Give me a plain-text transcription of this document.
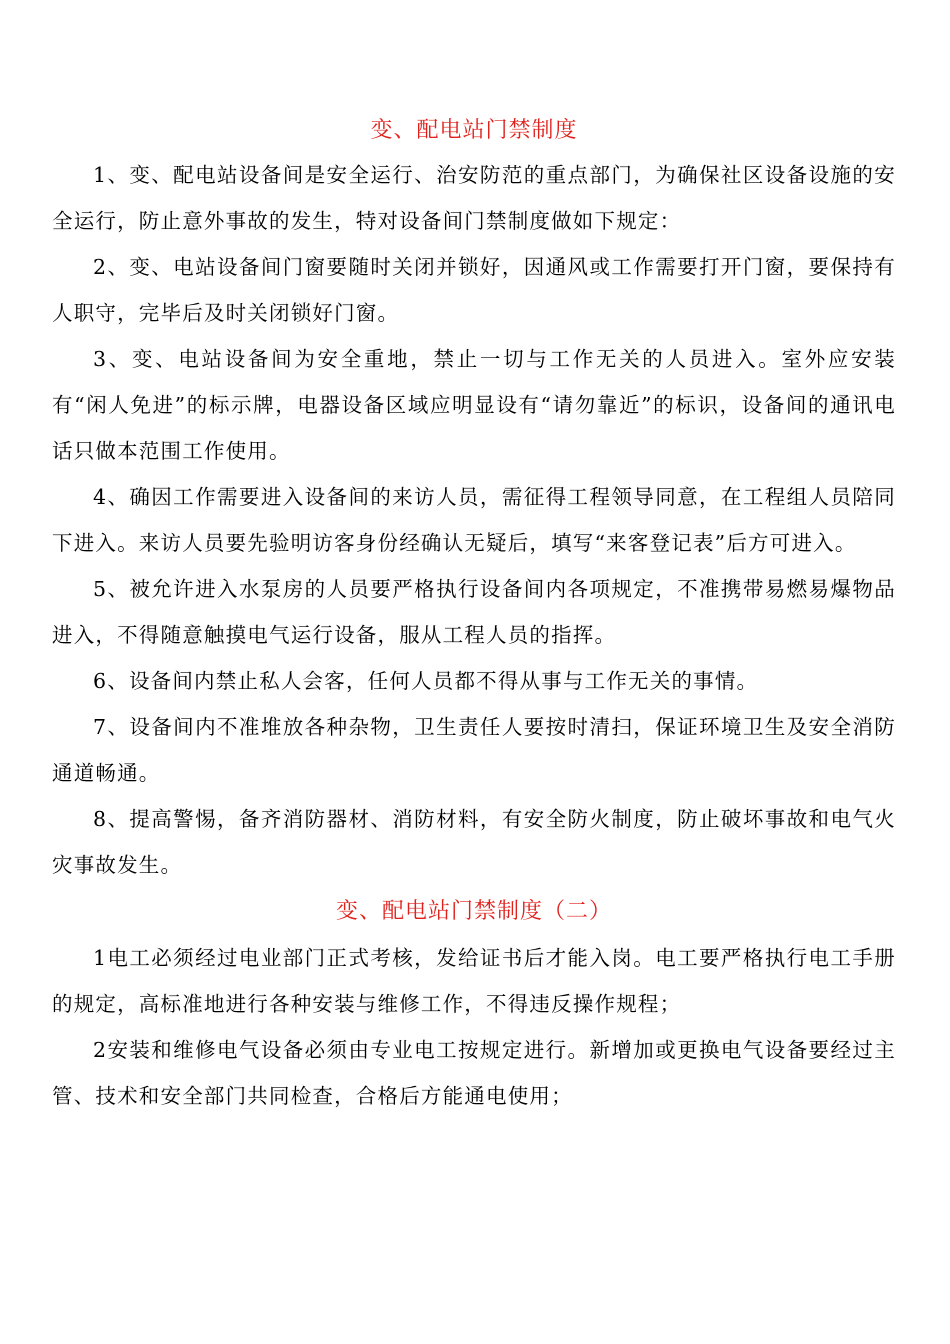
变、配电站门禁制度

1、变、配电站设备间是安全运行、治安防范的重点部门，为确保社区设备设施的安全运行，防止意外事故的发生，特对设备间门禁制度做如下规定：

2、变、电站设备间门窗要随时关闭并锁好，因通风或工作需要打开门窗，要保持有人职守，完毕后及时关闭锁好门窗。

3、变、电站设备间为安全重地，禁止一切与工作无关的人员进入。室外应安装有“闲人免进”的标示牌，电器设备区域应明显设有“请勿靠近”的标识，设备间的通讯电话只做本范围工作使用。

4、确因工作需要进入设备间的来访人员，需征得工程领导同意，在工程组人员陪同下进入。来访人员要先验明访客身份经确认无疑后，填写“来客登记表”后方可进入。

5、被允许进入水泵房的人员要严格执行设备间内各项规定，不准携带易燃易爆物品进入，不得随意触摸电气运行设备，服从工程人员的指挥。

6、设备间内禁止私人会客，任何人员都不得从事与工作无关的事情。

7、设备间内不准堆放各种杂物，卫生责任人要按时清扫，保证环境卫生及安全消防通道畅通。

8、提高警惕，备齐消防器材、消防材料，有安全防火制度，防止破坏事故和电气火灾事故发生。

变、配电站门禁制度（二）

1电工必须经过电业部门正式考核，发给证书后才能入岗。电工要严格执行电工手册的规定，高标准地进行各种安装与维修工作，不得违反操作规程；

2安装和维修电气设备必须由专业电工按规定进行。新增加或更换电气设备要经过主管、技术和安全部门共同检查，合格后方能通电使用；
